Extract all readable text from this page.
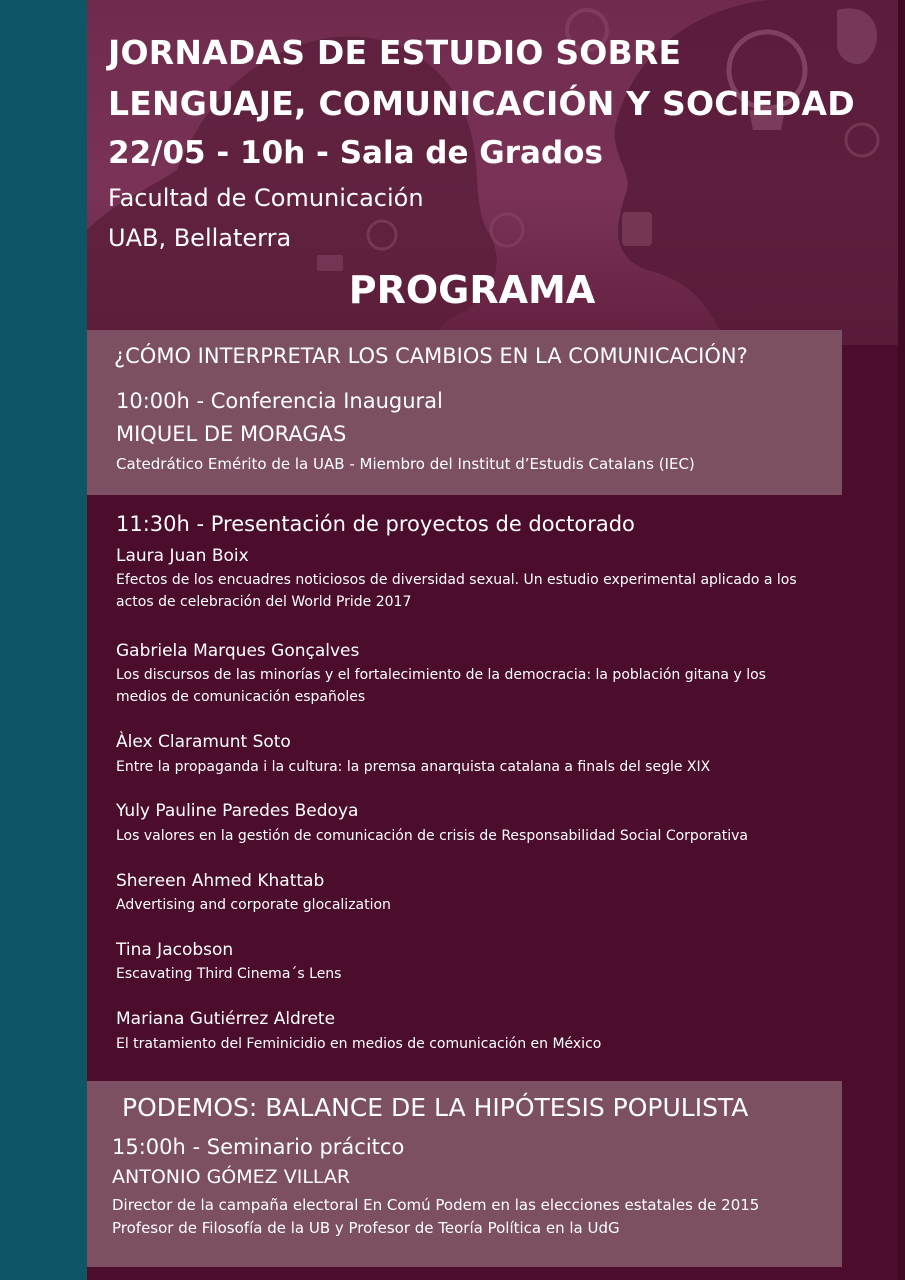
JORNADAS DE ESTUDIO SOBRE
LENGUAJE, COMUNICACIÓN Y SOCIEDAD
22/05 - 10h - Sala de Grados
Facultad de Comunicación
UAB, Bellaterra
PROGRAMA
¿CÓMO INTERPRETAR LOS CAMBIOS EN LA COMUNICACIÓN?
10:00h - Conferencia Inaugural
MIQUEL DE MORAGAS
Catedrático Emérito de la UAB - Miembro del Institut d’Estudis Catalans (IEC)
11:30h - Presentación de proyectos de doctorado
Laura Juan Boix
Efectos de los encuadres noticiosos de diversidad sexual. Un estudio experimental aplicado a los
actos de celebración del World Pride 2017
Gabriela Marques Gonçalves
Los discursos de las minorías y el fortalecimiento de la democracia: la población gitana y los
medios de comunicación españoles
Àlex Claramunt Soto
Entre la propaganda i la cultura: la premsa anarquista catalana a finals del segle XIX
Yuly Pauline Paredes Bedoya
Los valores en la gestión de comunicación de crisis de Responsabilidad Social Corporativa
Shereen Ahmed Khattab
Advertising and corporate glocalization
Tina Jacobson
Escavating Third Cinema´s Lens
Mariana Gutiérrez Aldrete
El tratamiento del Feminicidio en medios de comunicación en México
PODEMOS: BALANCE DE LA HIPÓTESIS POPULISTA
15:00h - Seminario prácitco
ANTONIO GÓMEZ VILLAR
Director de la campaña electoral En Comú Podem en las elecciones estatales de 2015
Profesor de Filosofía de la UB y Profesor de Teoría Política en la UdG
